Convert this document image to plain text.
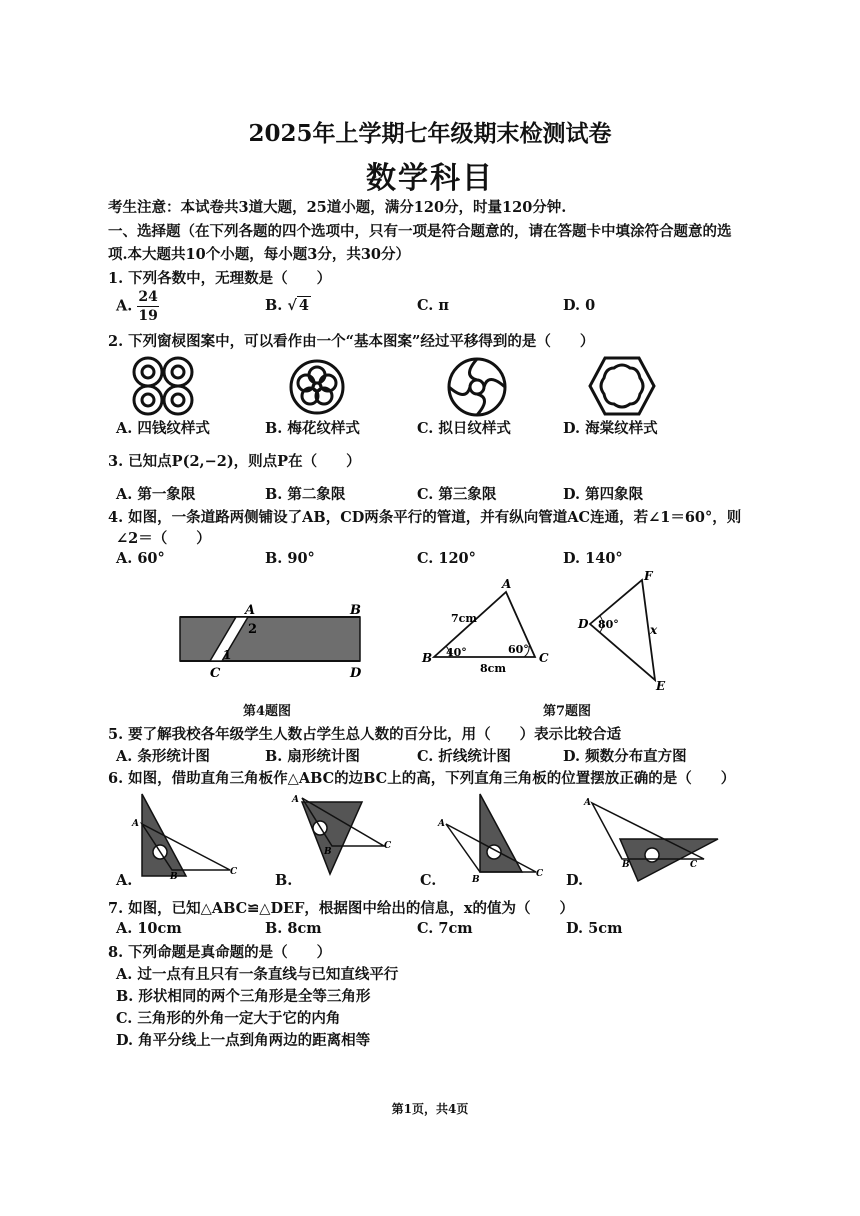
2025年上学期七年级期末检测试卷
数学科目
考生注意：本试卷共3道大题，25道小题，满分120分，时量120分钟.
一、选择题（在下列各题的四个选项中，只有一项是符合题意的，请在答题卡中填涂符合题意的选
项.本大题共10个小题，每小题3分，共30分）
1. 下列各数中，无理数是（　　）
A. $\frac{24}{19}$	B. √ 4	C. π	D. 0
2. 下列窗棂图案中，可以看作由一个“基本图案”经过平移得到的是（　　）
A. 四钱纹样式	B. 梅花纹样式	C. 拟日纹样式	D. 海棠纹样式
3. 已知点P(2,−2)，则点P在（　　）
A. 第一象限	B. 第二象限	C. 第三象限	D. 第四象限
4. 如图，一条道路两侧铺设了AB，CD两条平行的管道，并有纵向管道AC连通，若∠1＝60°，则
∠2＝（　　）
A. 60°	B. 90°	C. 120°	D. 140°
A	B
C	D
2
1
第4题图
A
B	C
7cm
8cm
40°	60°
F
D
E
80°	x
第7题图
5. 要了解我校各年级学生人数占学生总人数的百分比，用（　　）表示比较合适
A. 条形统计图	B. 扇形统计图	C. 折线统计图	D. 频数分布直方图
6. 如图，借助直角三角板作△ABC的边BC上的高，下列直角三角板的位置摆放正确的是（　　）
A
B	C
A.
A
B
C
B.
A
B
C
C.
A
B	C
D.
7. 如图，已知△ABC≌△DEF，根据图中给出的信息，x的值为（　　）
A. 10cm	B. 8cm	C. 7cm	D. 5cm
8. 下列命题是真命题的是（　　）
A. 过一点有且只有一条直线与已知直线平行
B. 形状相同的两个三角形是全等三角形
C. 三角形的外角一定大于它的内角
D. 角平分线上一点到角两边的距离相等
第1页，共4页
